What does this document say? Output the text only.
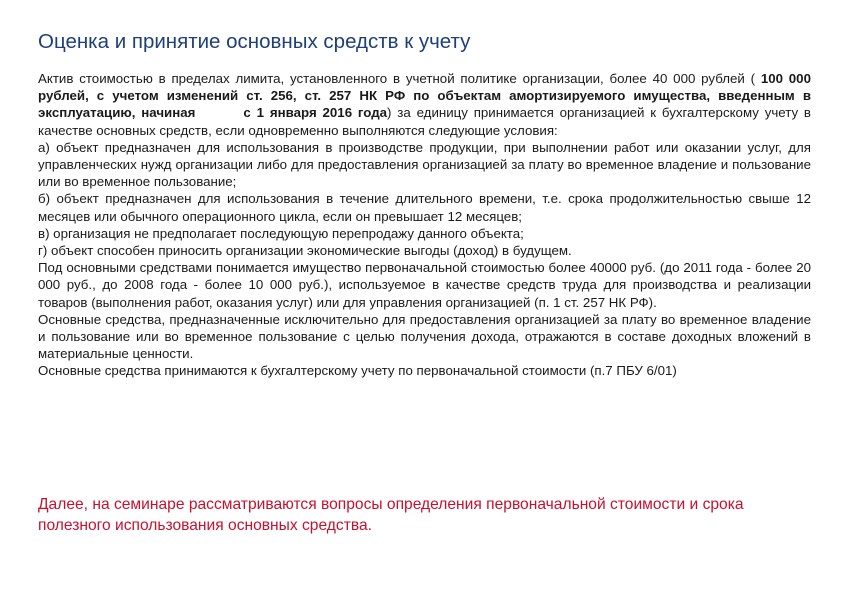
Оценка и принятие основных средств к учету

Актив стоимостью в пределах лимита, установленного в учетной политике организации, более 40 000 рублей ( 100 000 рублей, с учетом изменений ст. 256, ст. 257 НК РФ по объектам амортизируемого имущества, введенным в эксплуатацию, начиная	с 1 января 2016 года) за единицу принимается организацией к бухгалтерскому учету в качестве основных средств, если одновременно выполняются следующие условия:

а) объект предназначен для использования в производстве продукции, при выполнении работ или оказании услуг, для управленческих нужд организации либо для предоставления организацией за плату во временное владение и пользование или во временное пользование;

б) объект предназначен для использования в течение длительного времени, т.е. срока продолжительностью свыше 12 месяцев или обычного операционного цикла, если он превышает 12 месяцев;

в) организация не предполагает последующую перепродажу данного объекта;

г) объект способен приносить организации экономические выгоды (доход) в будущем.

Под основными средствами понимается имущество первоначальной стоимостью более 40000 руб. (до 2011 года - более 20 000 руб., до 2008 года - более 10 000 руб.), используемое в качестве средств труда для производства и реализации товаров (выполнения работ, оказания услуг) или для управления организацией (п. 1 ст. 257 НК РФ).

Основные средства, предназначенные исключительно для предоставления организацией за плату во временное владение и пользование или во временное пользование с целью получения дохода, отражаются в составе доходных вложений в материальные ценности.

Основные средства принимаются к бухгалтерскому учету по первоначальной стоимости (п.7 ПБУ 6/01)

Далее, на семинаре рассматриваются вопросы определения первоначальной стоимости и срока полезного использования основных средства.
